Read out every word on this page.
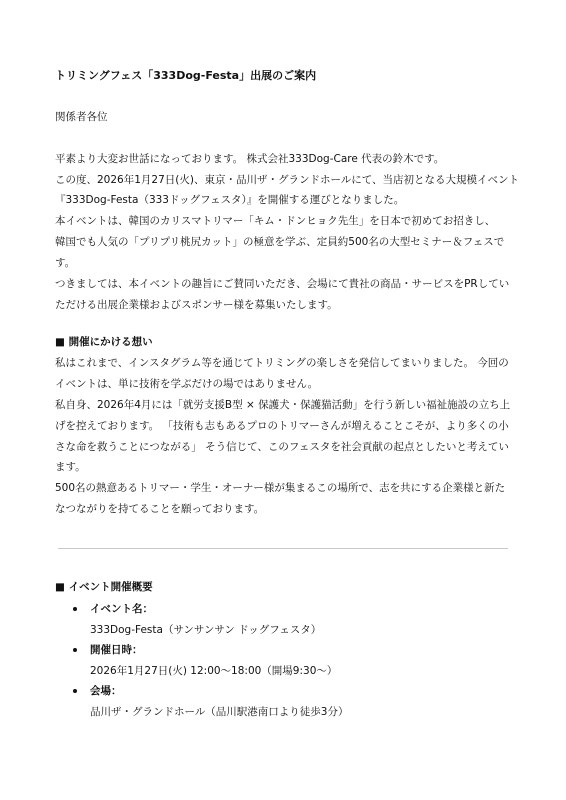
トリミングフェス「333Dog-Festa」出展のご案内
関係者各位
平素より大変お世話になっております。 株式会社333Dog-Care 代表の鈴木です。
この度、2026年1月27日(火)、東京・品川ザ・グランドホールにて、当店初となる大規模イベント
『333Dog-Festa（333ドッグフェスタ）』を開催する運びとなりました。
本イベントは、韓国のカリスマトリマー「キム・ドンヒョク先生」を日本で初めてお招きし、
韓国でも人気の「プリプリ桃尻カット」の極意を学ぶ、定員約500名の大型セミナー＆フェスで
す。
つきましては、本イベントの趣旨にご賛同いただき、会場にて貴社の商品・サービスをPRしてい
ただける出展企業様およびスポンサー様を募集いたします。
■ 開催にかける想い
私はこれまで、インスタグラム等を通じてトリミングの楽しさを発信してまいりました。 今回の
イベントは、単に技術を学ぶだけの場ではありません。
私自身、2026年4月には「就労支援B型 × 保護犬・保護猫活動」を行う新しい福祉施設の立ち上
げを控えております。 「技術も志もあるプロのトリマーさんが増えることこそが、より多くの小
さな命を救うことにつながる」 そう信じて、このフェスタを社会貢献の起点としたいと考えてい
ます。
500名の熱意あるトリマー・学生・オーナー様が集まるこの場所で、志を共にする企業様と新た
なつながりを持てることを願っております。
■ イベント開催概要
イベント名：
333Dog-Festa（サンサンサン ドッグフェスタ）
開催日時：
2026年1月27日(火) 12:00〜18:00（開場9:30〜）
会場：
品川ザ・グランドホール（品川駅港南口より徒歩3分）
